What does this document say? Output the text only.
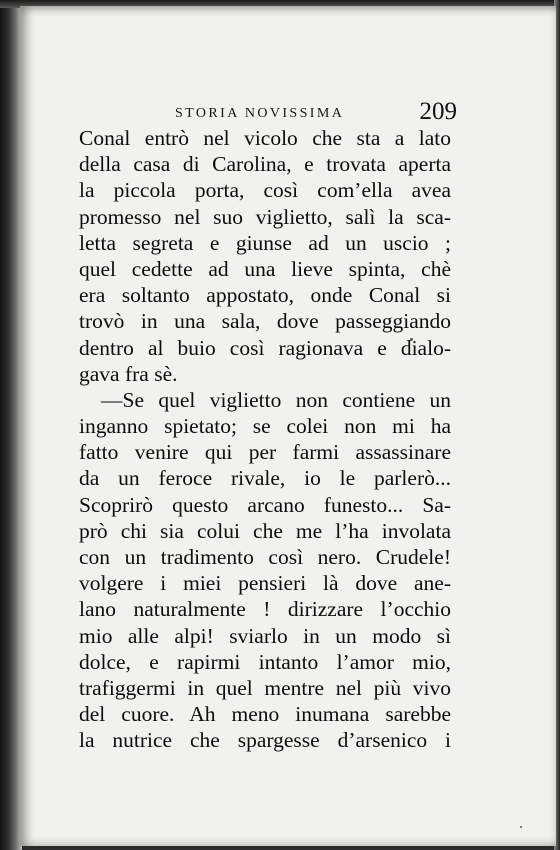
STORIA NOVISSIMA	209
Conal entrò nel vicolo che sta a lato
della casa di Carolina, e trovata aperta
la piccola porta, così com’ella avea
promesso nel suo viglietto, salì la sca-
letta segreta e giunse ad un uscio ;
quel cedette ad una lieve spinta, chè
era soltanto appostato, onde Conal si
trovò in una sala, dove passeggiando
dentro al buio così ragionava e dialo-
gava fra sè.
—Se quel viglietto non contiene un
inganno spietato; se colei non mi ha
fatto venire qui per farmi assassinare
da un feroce rivale, io le parlerò...
Scoprirò questo arcano funesto... Sa-
prò chi sia colui che me l’ha involata
con un tradimento così nero. Crudele!
volgere i miei pensieri là dove ane-
lano naturalmente ! dirizzare l’occhio
mio alle alpi! sviarlo in un modo sì
dolce, e rapirmi intanto l’amor mio,
trafiggermi in quel mentre nel più vivo
del cuore. Ah meno inumana sarebbe
la nutrice che spargesse d’arsenico i
